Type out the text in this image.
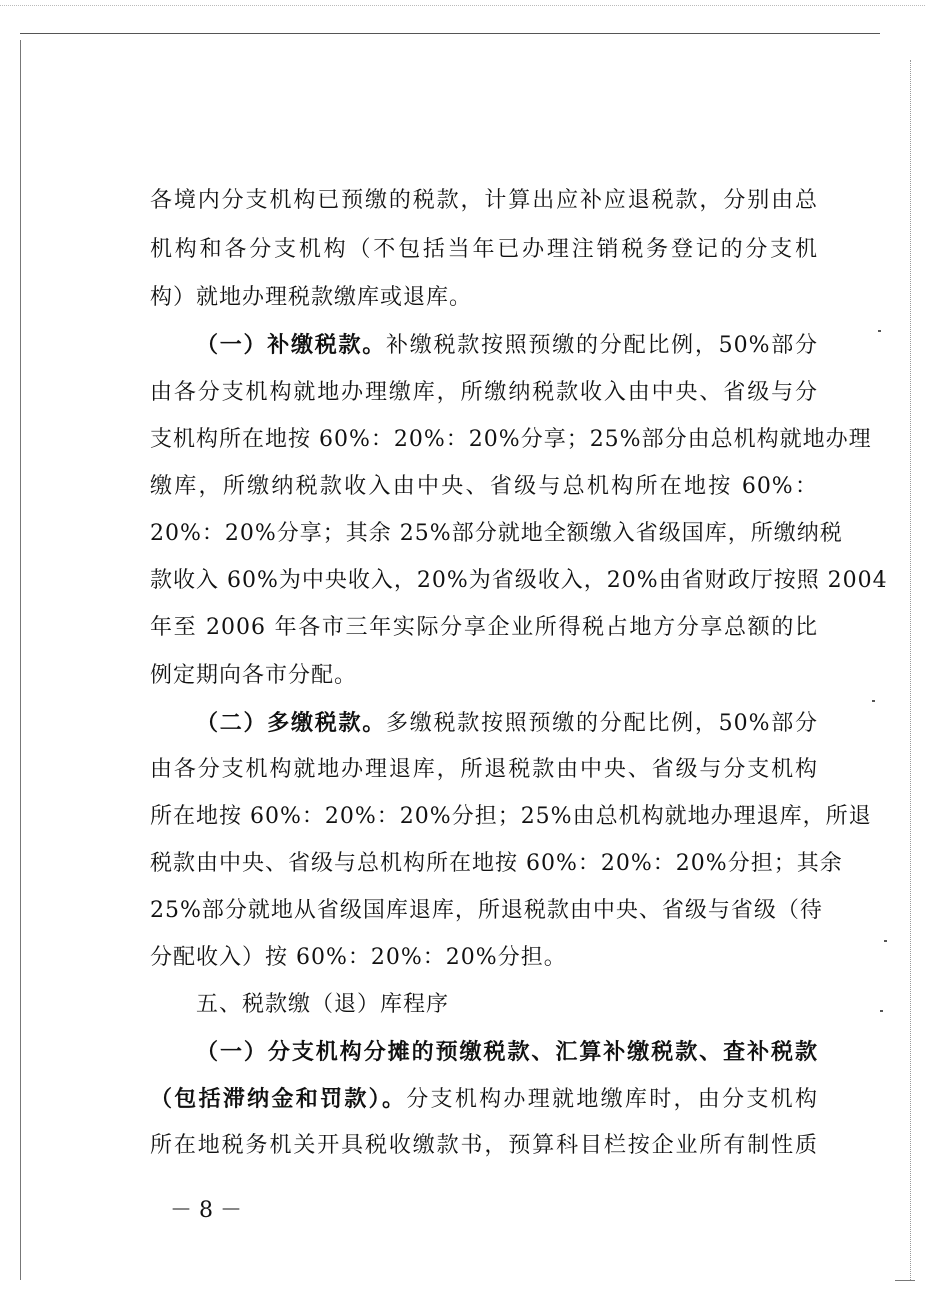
各境内分支机构已预缴的税款，计算出应补应退税款，分别由总
机构和各分支机构（不包括当年已办理注销税务登记的分支机
构）就地办理税款缴库或退库。
（一）补缴税款。补缴税款按照预缴的分配比例，50%部分
由各分支机构就地办理缴库，所缴纳税款收入由中央、省级与分
支机构所在地按 60%：20%：20%分享；25%部分由总机构就地办理
缴库，所缴纳税款收入由中央、省级与总机构所在地按 60%：
20%：20%分享；其余 25%部分就地全额缴入省级国库，所缴纳税
款收入 60%为中央收入，20%为省级收入，20%由省财政厅按照 2004
年至 2006 年各市三年实际分享企业所得税占地方分享总额的比
例定期向各市分配。
（二）多缴税款。多缴税款按照预缴的分配比例，50%部分
由各分支机构就地办理退库，所退税款由中央、省级与分支机构
所在地按 60%：20%：20%分担；25%由总机构就地办理退库，所退
税款由中央、省级与总机构所在地按 60%：20%：20%分担；其余
25%部分就地从省级国库退库，所退税款由中央、省级与省级（待
分配收入）按 60%：20%：20%分担。
五、税款缴（退）库程序
（一）分支机构分摊的预缴税款、汇算补缴税款、查补税款
（包括滞纳金和罚款）。分支机构办理就地缴库时，由分支机构
所在地税务机关开具税收缴款书，预算科目栏按企业所有制性质
－ 8 －
